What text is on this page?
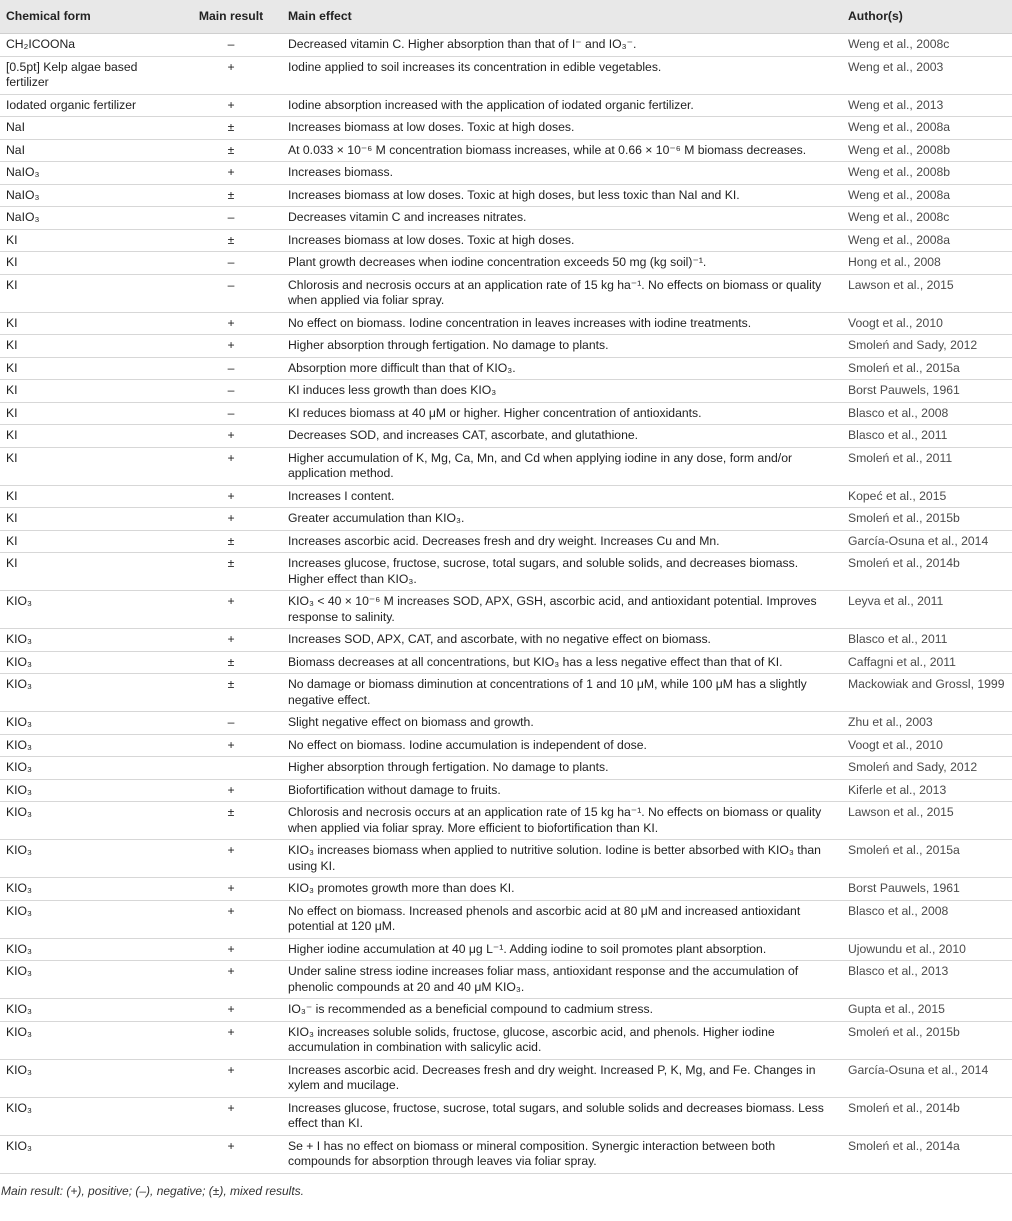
Chemical form	Main result	Main effect	Author(s)
CH₂ICOONa	–	Decreased vitamin C. Higher absorption than that of I⁻ and IO₃⁻.	Weng et al., 2008c
[0.5pt] Kelp algae based fertilizer	+	Iodine applied to soil increases its concentration in edible vegetables.	Weng et al., 2003
Iodated organic fertilizer	+	Iodine absorption increased with the application of iodated organic fertilizer.	Weng et al., 2013
NaI	±	Increases biomass at low doses. Toxic at high doses.	Weng et al., 2008a
NaI	±	At 0.033 × 10⁻⁶ M concentration biomass increases, while at 0.66 × 10⁻⁶ M biomass decreases.	Weng et al., 2008b
NaIO₃	+	Increases biomass.	Weng et al., 2008b
NaIO₃	±	Increases biomass at low doses. Toxic at high doses, but less toxic than NaI and KI.	Weng et al., 2008a
NaIO₃	–	Decreases vitamin C and increases nitrates.	Weng et al., 2008c
KI	±	Increases biomass at low doses. Toxic at high doses.	Weng et al., 2008a
KI	–	Plant growth decreases when iodine concentration exceeds 50 mg (kg soil)⁻¹.	Hong et al., 2008
KI	–	Chlorosis and necrosis occurs at an application rate of 15 kg ha⁻¹. No effects on biomass or quality when applied via foliar spray.	Lawson et al., 2015
KI	+	No effect on biomass. Iodine concentration in leaves increases with iodine treatments.	Voogt et al., 2010
KI	+	Higher absorption through fertigation. No damage to plants.	Smoleń and Sady, 2012
KI	–	Absorption more difficult than that of KIO₃.	Smoleń et al., 2015a
KI	–	KI induces less growth than does KIO₃	Borst Pauwels, 1961
KI	–	KI reduces biomass at 40 μM or higher. Higher concentration of antioxidants.	Blasco et al., 2008
KI	+	Decreases SOD, and increases CAT, ascorbate, and glutathione.	Blasco et al., 2011
KI	+	Higher accumulation of K, Mg, Ca, Mn, and Cd when applying iodine in any dose, form and/or application method.	Smoleń et al., 2011
KI	+	Increases I content.	Kopeć et al., 2015
KI	+	Greater accumulation than KIO₃.	Smoleń et al., 2015b
KI	±	Increases ascorbic acid. Decreases fresh and dry weight. Increases Cu and Mn.	García-Osuna et al., 2014
KI	±	Increases glucose, fructose, sucrose, total sugars, and soluble solids, and decreases biomass. Higher effect than KIO₃.	Smoleń et al., 2014b
KIO₃	+	KIO₃ < 40 × 10⁻⁶ M increases SOD, APX, GSH, ascorbic acid, and antioxidant potential. Improves response to salinity.	Leyva et al., 2011
KIO₃	+	Increases SOD, APX, CAT, and ascorbate, with no negative effect on biomass.	Blasco et al., 2011
KIO₃	±	Biomass decreases at all concentrations, but KIO₃ has a less negative effect than that of KI.	Caffagni et al., 2011
KIO₃	±	No damage or biomass diminution at concentrations of 1 and 10 μM, while 100 μM has a slightly negative effect.	Mackowiak and Grossl, 1999
KIO₃	–	Slight negative effect on biomass and growth.	Zhu et al., 2003
KIO₃	+	No effect on biomass. Iodine accumulation is independent of dose.	Voogt et al., 2010
KIO₃		Higher absorption through fertigation. No damage to plants.	Smoleń and Sady, 2012
KIO₃	+	Biofortification without damage to fruits.	Kiferle et al., 2013
KIO₃	±	Chlorosis and necrosis occurs at an application rate of 15 kg ha⁻¹. No effects on biomass or quality when applied via foliar spray. More efficient to biofortification than KI.	Lawson et al., 2015
KIO₃	+	KIO₃ increases biomass when applied to nutritive solution. Iodine is better absorbed with KIO₃ than using KI.	Smoleń et al., 2015a
KIO₃	+	KIO₃ promotes growth more than does KI.	Borst Pauwels, 1961
KIO₃	+	No effect on biomass. Increased phenols and ascorbic acid at 80 μM and increased antioxidant potential at 120 μM.	Blasco et al., 2008
KIO₃	+	Higher iodine accumulation at 40 μg L⁻¹. Adding iodine to soil promotes plant absorption.	Ujowundu et al., 2010
KIO₃	+	Under saline stress iodine increases foliar mass, antioxidant response and the accumulation of phenolic compounds at 20 and 40 μM KIO₃.	Blasco et al., 2013
KIO₃	+	IO₃⁻ is recommended as a beneficial compound to cadmium stress.	Gupta et al., 2015
KIO₃	+	KIO₃ increases soluble solids, fructose, glucose, ascorbic acid, and phenols. Higher iodine accumulation in combination with salicylic acid.	Smoleń et al., 2015b
KIO₃	+	Increases ascorbic acid. Decreases fresh and dry weight. Increased P, K, Mg, and Fe. Changes in xylem and mucilage.	García-Osuna et al., 2014
KIO₃	+	Increases glucose, fructose, sucrose, total sugars, and soluble solids and decreases biomass. Less effect than KI.	Smoleń et al., 2014b
KIO₃	+	Se + I has no effect on biomass or mineral composition. Synergic interaction between both compounds for absorption through leaves via foliar spray.	Smoleń et al., 2014a
Main result: (+), positive; (–), negative; (±), mixed results.
